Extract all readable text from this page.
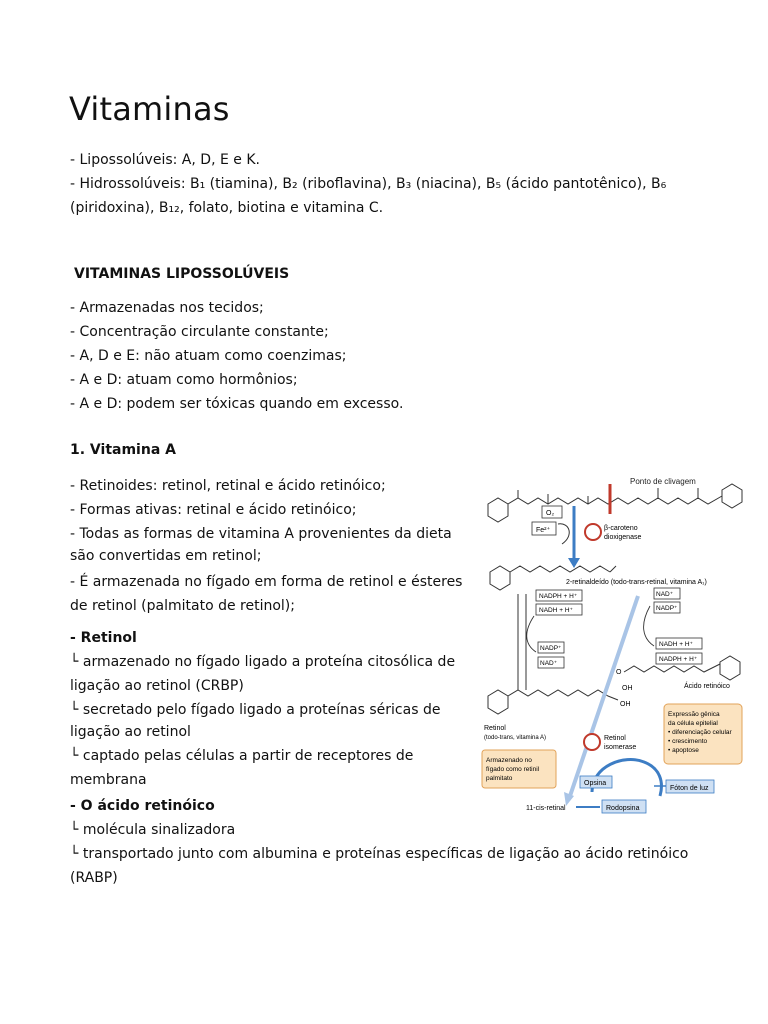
Vitaminas
- Lipossolúveis: A, D, E e K.
- Hidrossolúveis: B₁ (tiamina), B₂ (riboflavina), B₃ (niacina), B₅ (ácido pantotênico), B₆
(piridoxina), B₁₂, folato, biotina e vitamina C.
VITAMINAS LIPOSSOLÚVEIS
- Armazenadas nos tecidos;
- Concentração circulante constante;
- A, D e E: não atuam como coenzimas;
- A e D: atuam como hormônios;
- A e D: podem ser tóxicas quando em excesso.
1. Vitamina A
- Retinoides: retinol, retinal e ácido retinóico;
- Formas ativas: retinal e ácido retinóico;
- Todas as formas de vitamina A provenientes da dieta
são convertidas em retinol;
- É armazenada no fígado em forma de retinol e ésteres
de retinol (palmitato de retinol);
- Retinol
└ armazenado no fígado ligado a proteína citosólica de
ligação ao retinol (CRBP)
└ secretado pelo fígado ligado a proteínas séricas de
ligação ao retinol
└ captado pelas células a partir de receptores de
membrana
- O ácido retinóico
└ molécula sinalizadora
└ transportado junto com albumina e proteínas específicas de ligação ao ácido retinóico
(RABP)
Ponto de clivagem
O₂
Fe²⁺	β-caroteno
dioxigenase
2-retinaldeído (todo-trans-retinal, vitamina A₁)
NADPH + H⁺
NADH + H⁺
NADP⁺
NAD⁺
NAD⁺
NADP⁺
NADH + H⁺
NADPH + H⁺
O
OH	Ácido retinóico
Expressão gênica
da célula epitelial
• diferenciação celular
• crescimento
• apoptose
OH
Retinol
(todo-trans, vitamina A)	Retinol
isomerase
Armazenado no
fígado como retinil
palmitato
Opsina
Fóton de luz
11-cis-retinal	Rodopsina
